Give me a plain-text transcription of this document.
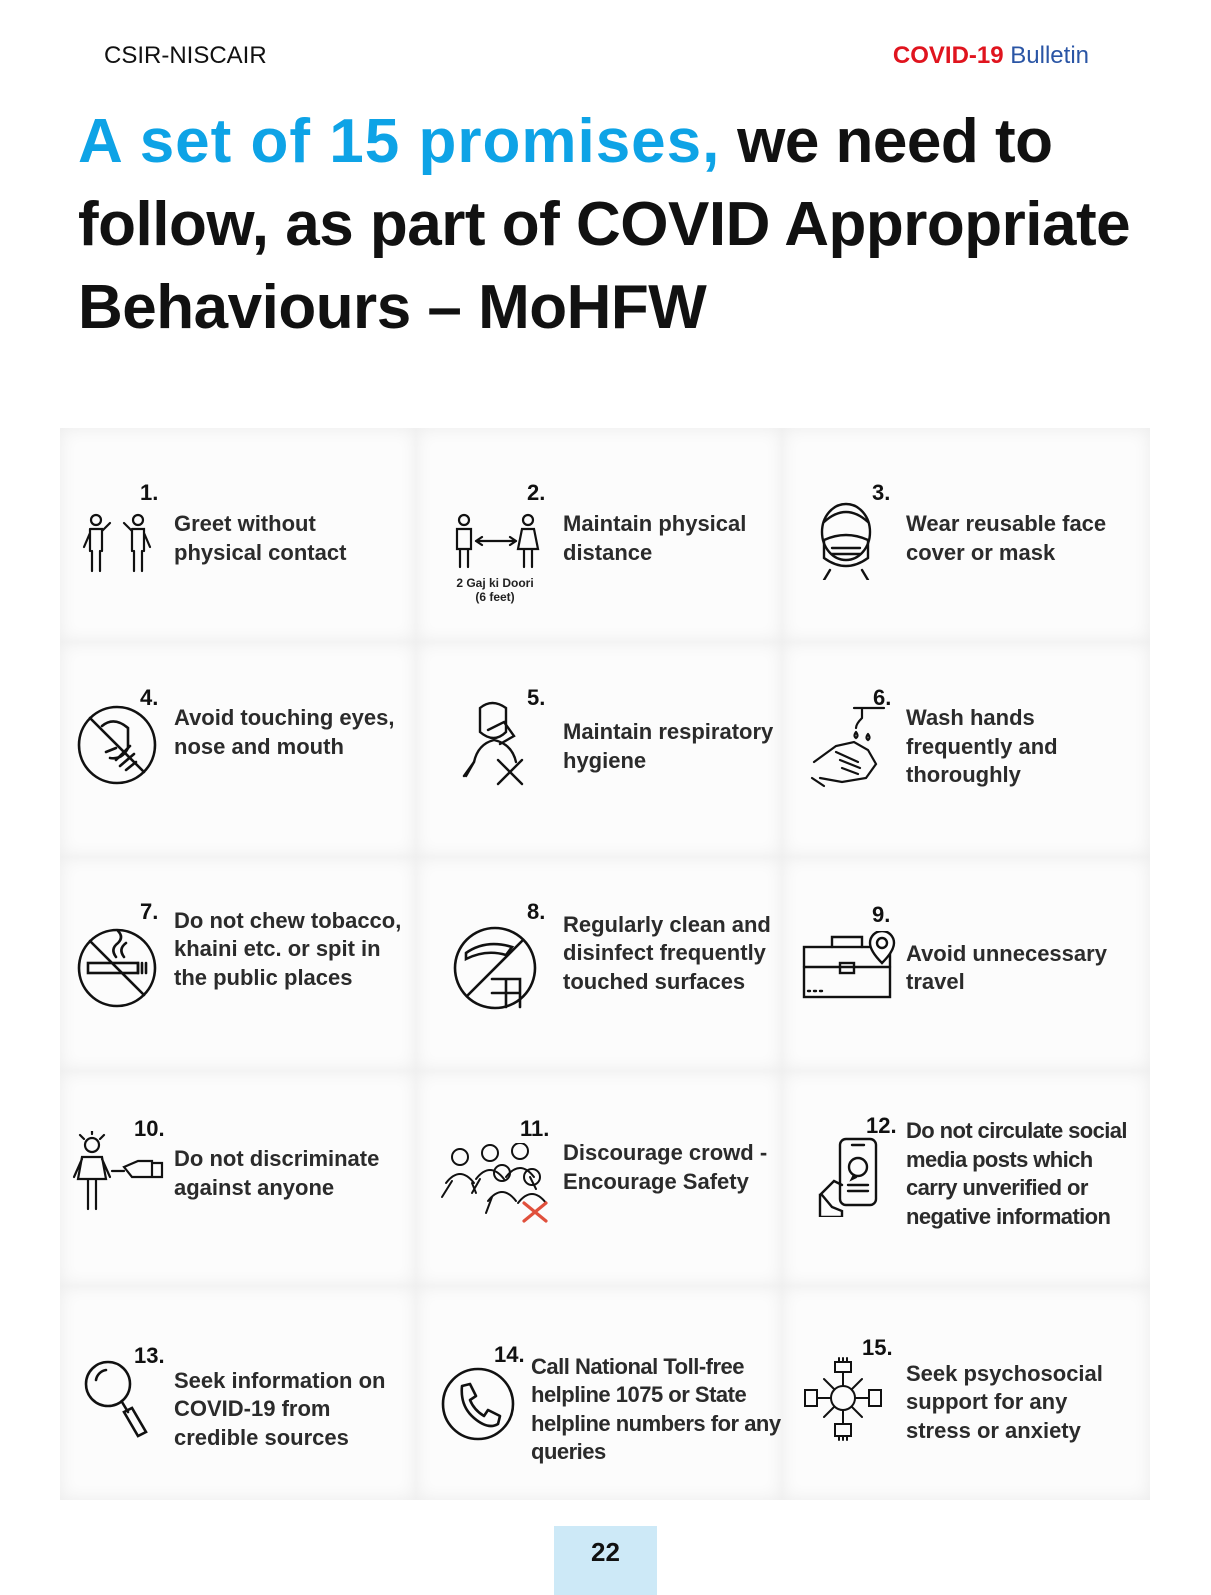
CSIR-NISCAIR	COVID-19 Bulletin
A set of 15 promises, we need to follow, as part of COVID Appropriate Behaviours – MoHFW
1.
Greet without physical contact
2 Gaj ki Doori (6 feet)
2.
Maintain physical distance
3.
Wear reusable face cover or mask
4.
Avoid touching eyes, nose and mouth
5.
Maintain respiratory hygiene
6.
Wash hands frequently and thoroughly
7. Do not chew tobacco, khaini etc. or spit in the public places
8.
Regularly clean and disinfect frequently touched surfaces
9.
Avoid unnecessary travel
10.
Do not discriminate against anyone
11.
Discourage crowd - Encourage Safety
12. Do not circulate social media posts which carry unverified or negative information
13.
Seek information on COVID-19 from credible sources
14. Call National Toll-free helpline 1075 or State helpline numbers for any queries
15.
Seek psychosocial support for any stress or anxiety
22
